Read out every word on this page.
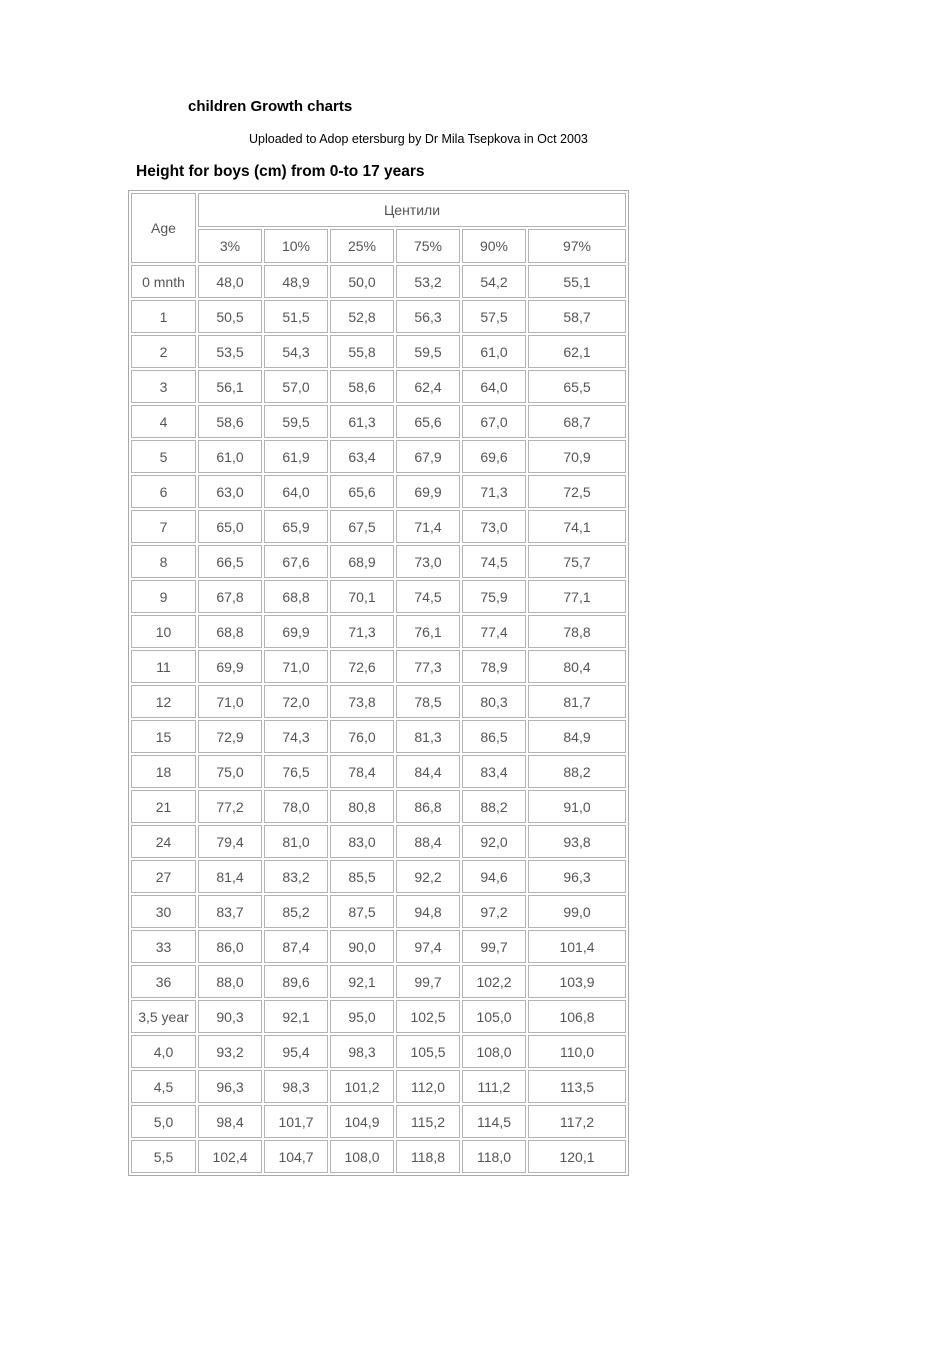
children Growth charts

Uploaded to Adop etersburg by Dr Mila Tsepkova in Oct 2003

Height for boys (cm) from 0-to 17 years
Age	Центили					
	3%	10%	25%	75%	90%	97%
0 mnth	48,0	48,9	50,0	53,2	54,2	55,1
1	50,5	51,5	52,8	56,3	57,5	58,7
2	53,5	54,3	55,8	59,5	61,0	62,1
3	56,1	57,0	58,6	62,4	64,0	65,5
4	58,6	59,5	61,3	65,6	67,0	68,7
5	61,0	61,9	63,4	67,9	69,6	70,9
6	63,0	64,0	65,6	69,9	71,3	72,5
7	65,0	65,9	67,5	71,4	73,0	74,1
8	66,5	67,6	68,9	73,0	74,5	75,7
9	67,8	68,8	70,1	74,5	75,9	77,1
10	68,8	69,9	71,3	76,1	77,4	78,8
11	69,9	71,0	72,6	77,3	78,9	80,4
12	71,0	72,0	73,8	78,5	80,3	81,7
15	72,9	74,3	76,0	81,3	86,5	84,9
18	75,0	76,5	78,4	84,4	83,4	88,2
21	77,2	78,0	80,8	86,8	88,2	91,0
24	79,4	81,0	83,0	88,4	92,0	93,8
27	81,4	83,2	85,5	92,2	94,6	96,3
30	83,7	85,2	87,5	94,8	97,2	99,0
33	86,0	87,4	90,0	97,4	99,7	101,4
36	88,0	89,6	92,1	99,7	102,2	103,9
3,5 year	90,3	92,1	95,0	102,5	105,0	106,8
4,0	93,2	95,4	98,3	105,5	108,0	110,0
4,5	96,3	98,3	101,2	112,0	111,2	113,5
5,0	98,4	101,7	104,9	115,2	114,5	117,2
5,5	102,4	104,7	108,0	118,8	118,0	120,1
